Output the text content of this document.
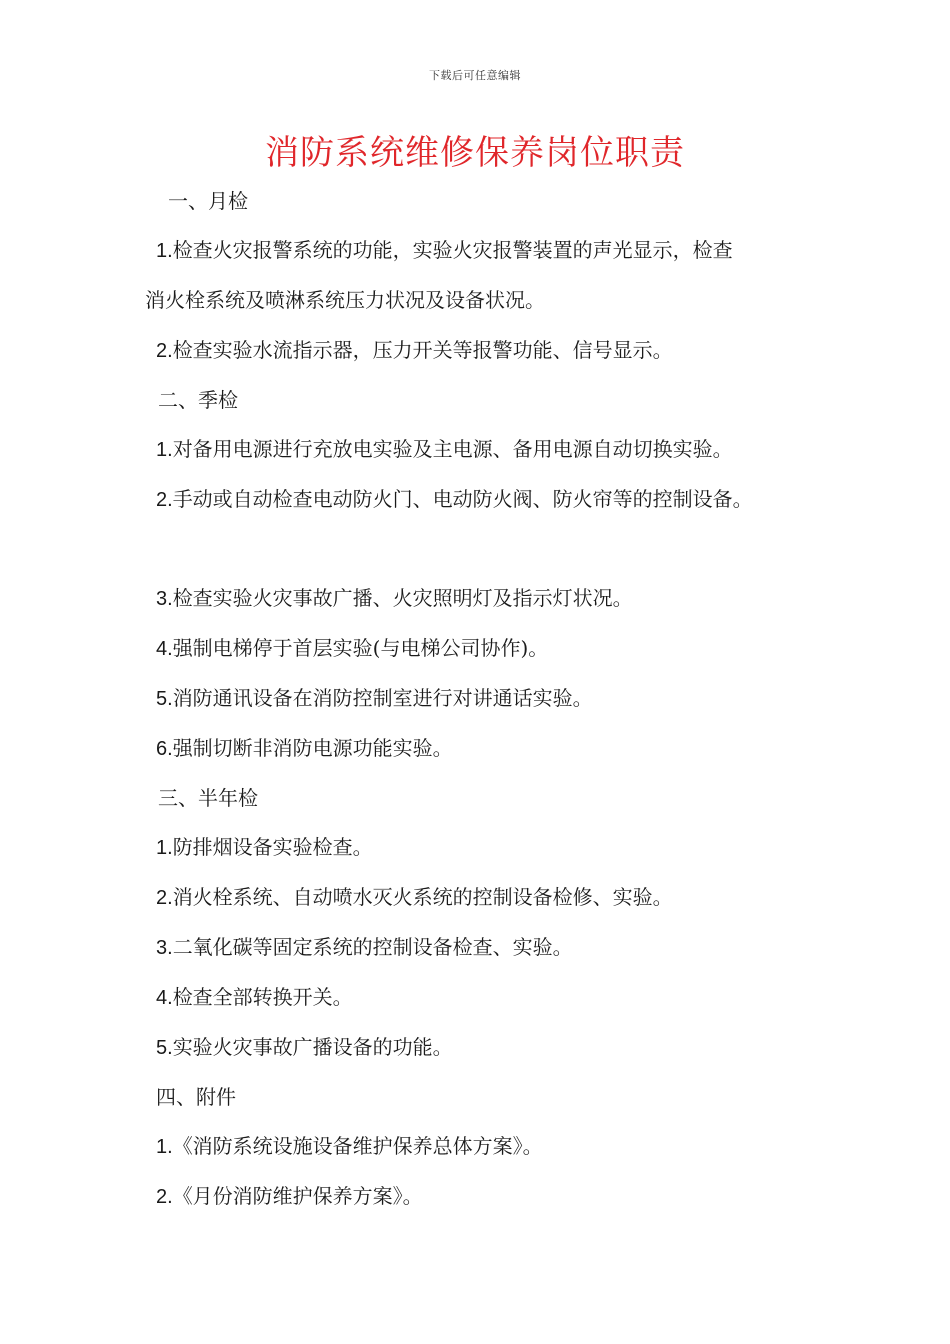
下载后可任意编辑
消防系统维修保养岗位职责
一、月检
1.检查火灾报警系统的功能，实验火灾报警装置的声光显示，检查
消火栓系统及喷淋系统压力状况及设备状况。
2.检查实验水流指示器，压力开关等报警功能、信号显示。
二、季检
1.对备用电源进行充放电实验及主电源、备用电源自动切换实验。
2.手动或自动检查电动防火门、电动防火阀、防火帘等的控制设备。
3.检查实验火灾事故广播、火灾照明灯及指示灯状况。
4.强制电梯停于首层实验(与电梯公司协作)。
5.消防通讯设备在消防控制室进行对讲通话实验。
6.强制切断非消防电源功能实验。
三、半年检
1.防排烟设备实验检查。
2.消火栓系统、自动喷水灭火系统的控制设备检修、实验。
3.二氧化碳等固定系统的控制设备检查、实验。
4.检查全部转换开关。
5.实验火灾事故广播设备的功能。
四、附件
1.《消防系统设施设备维护保养总体方案》。
2.《月份消防维护保养方案》。
